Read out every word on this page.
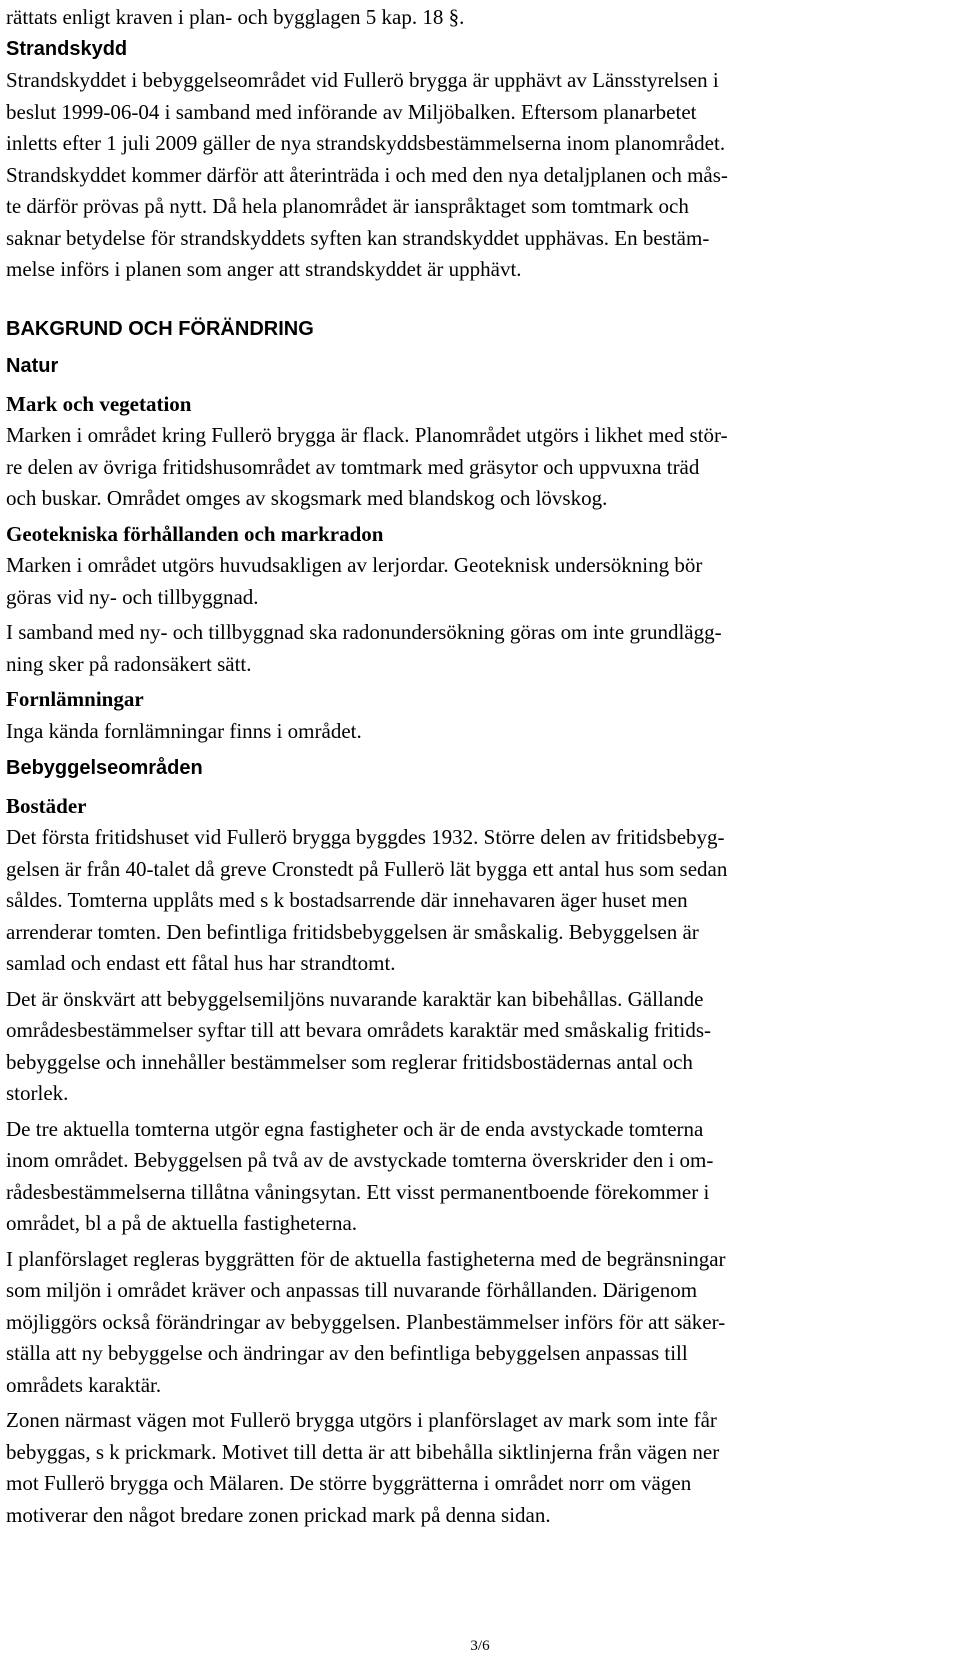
rättats enligt kraven i plan- och bygglagen 5 kap. 18 §.

Strandskydd

Strandskyddet i bebyggelseområdet vid Fullerö brygga är upphävt av Länsstyrelsen i
beslut 1999-06-04 i samband med införande av Miljöbalken. Eftersom planarbetet
inletts efter 1 juli 2009 gäller de nya strandskyddsbestämmelserna inom planområdet.
Strandskyddet kommer därför att återinträda i och med den nya detaljplanen och mås-
te därför prövas på nytt. Då hela planområdet är ianspråktaget som tomtmark och
saknar betydelse för strandskyddets syften kan strandskyddet upphävas. En bestäm-
melse införs i planen som anger att strandskyddet är upphävt.

BAKGRUND OCH FÖRÄNDRING
Natur
Mark och vegetation

Marken i området kring Fullerö brygga är flack. Planområdet utgörs i likhet med stör-
re delen av övriga fritidshusområdet av tomtmark med gräsytor och uppvuxna träd
och buskar. Området omges av skogsmark med blandskog och lövskog.

Geotekniska förhållanden och markradon

Marken i området utgörs huvudsakligen av lerjordar. Geoteknisk undersökning bör
göras vid ny- och tillbyggnad.

I samband med ny- och tillbyggnad ska radonundersökning göras om inte grundlägg-
ning sker på radonsäkert sätt.

Fornlämningar

Inga kända fornlämningar finns i området.

Bebyggelseområden
Bostäder

Det första fritidshuset vid Fullerö brygga byggdes 1932. Större delen av fritidsbebyg-
gelsen är från 40-talet då greve Cronstedt på Fullerö lät bygga ett antal hus som sedan
såldes. Tomterna upplåts med s k bostadsarrende där innehavaren äger huset men
arrenderar tomten. Den befintliga fritidsbebyggelsen är småskalig. Bebyggelsen är
samlad och endast ett fåtal hus har strandtomt.

Det är önskvärt att bebyggelsemiljöns nuvarande karaktär kan bibehållas. Gällande
områdesbestämmelser syftar till att bevara områdets karaktär med småskalig fritids-
bebyggelse och innehåller bestämmelser som reglerar fritidsbostädernas antal och
storlek.

De tre aktuella tomterna utgör egna fastigheter och är de enda avstyckade tomterna
inom området. Bebyggelsen på två av de avstyckade tomterna överskrider den i om-
rådesbestämmelserna tillåtna våningsytan. Ett visst permanentboende förekommer i
området, bl a på de aktuella fastigheterna.

I planförslaget regleras byggrätten för de aktuella fastigheterna med de begränsningar
som miljön i området kräver och anpassas till nuvarande förhållanden. Därigenom
möjliggörs också förändringar av bebyggelsen. Planbestämmelser införs för att säker-
ställa att ny bebyggelse och ändringar av den befintliga bebyggelsen anpassas till
områdets karaktär.

Zonen närmast vägen mot Fullerö brygga utgörs i planförslaget av mark som inte får
bebyggas, s k prickmark. Motivet till detta är att bibehålla siktlinjerna från vägen ner
mot Fullerö brygga och Mälaren. De större byggrätterna i området norr om vägen
motiverar den något bredare zonen prickad mark på denna sidan.

3/6
